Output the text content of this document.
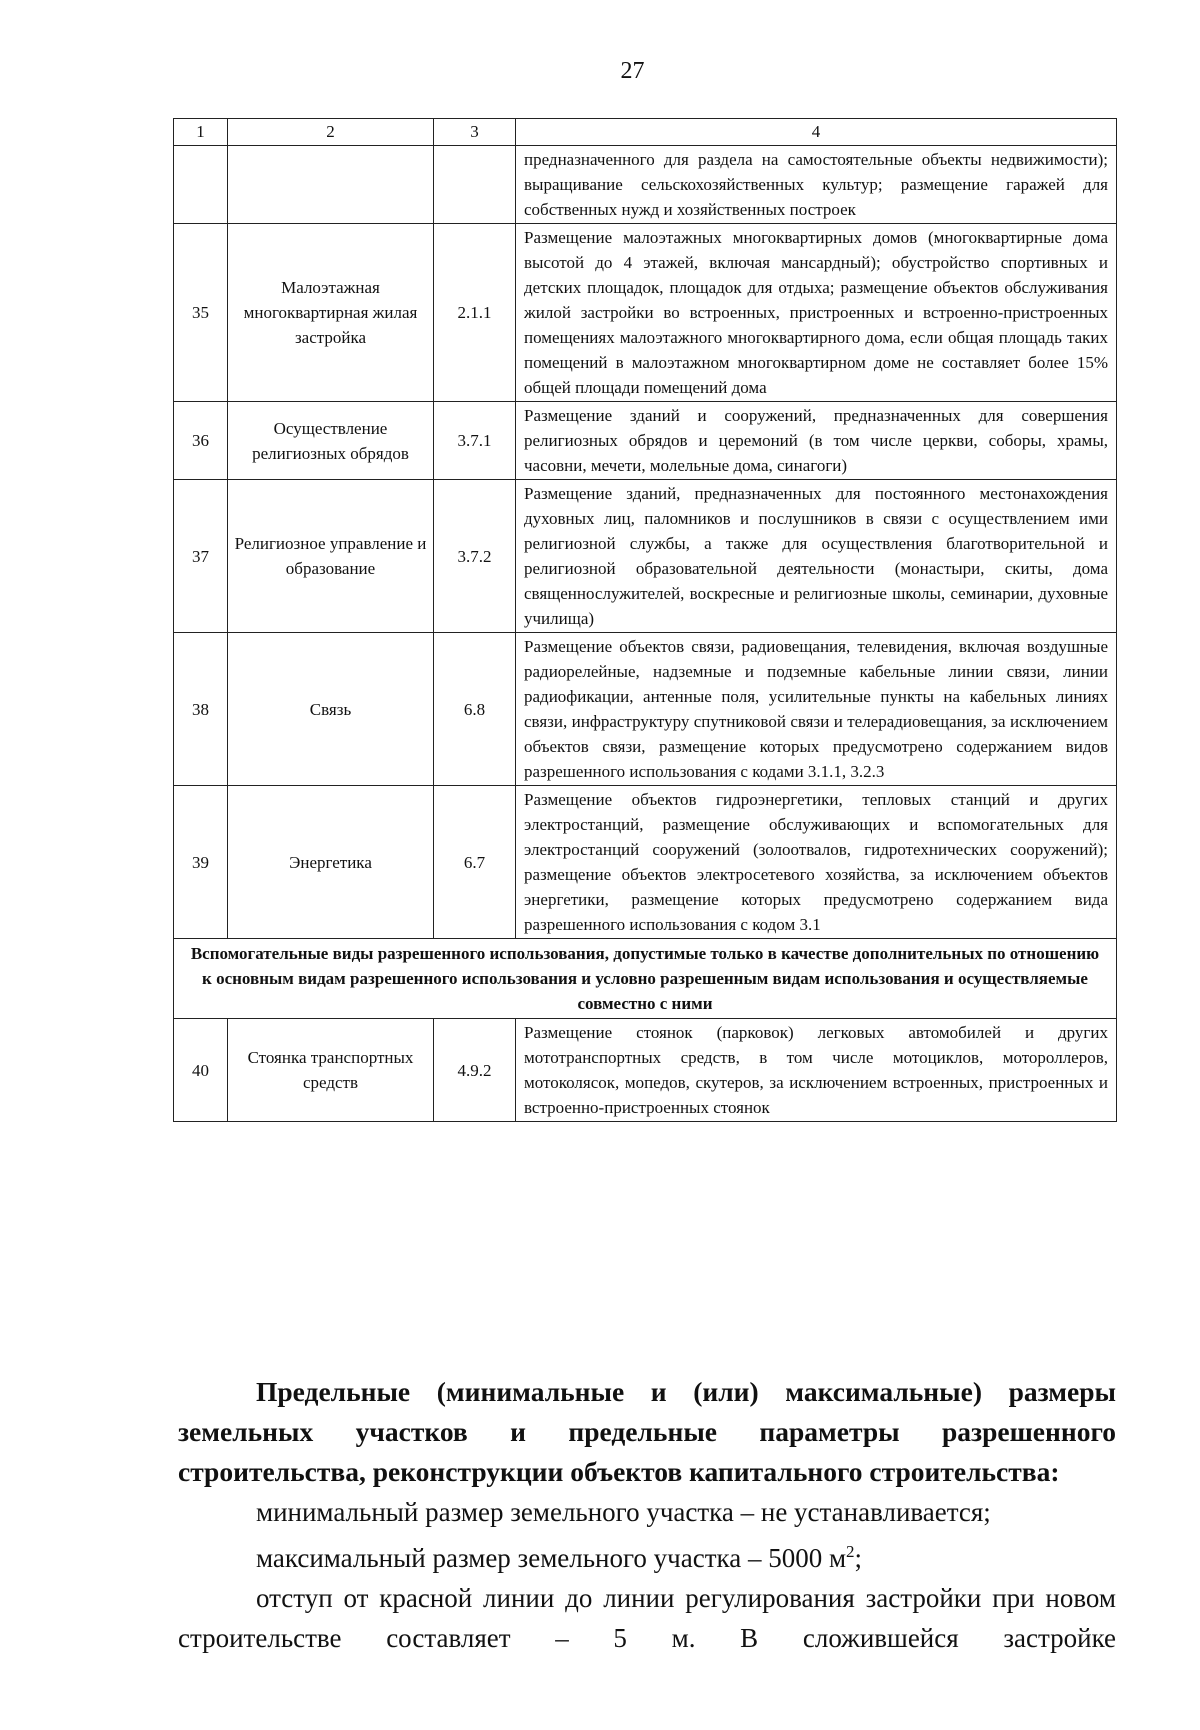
27
1	2	3	4
			предназначенного для раздела на самостоятельные объекты недвижимости); выращивание сельскохозяйственных культур; размещение гаражей для собственных нужд и хозяйственных построек
35	Малоэтажная многоквартирная жилая застройка	2.1.1	Размещение малоэтажных многоквартирных домов (многоквартирные дома высотой до 4 этажей, включая мансардный); обустройство спортивных и детских площадок, площадок для отдыха; размещение объектов обслуживания жилой застройки во встроенных, пристроенных и встроенно-пристроенных помещениях малоэтажного многоквартирного дома, если общая площадь таких помещений в малоэтажном многоквартирном доме не составляет более 15% общей площади помещений дома
36	Осуществление религиозных обрядов	3.7.1	Размещение зданий и сооружений, предназначенных для совершения религиозных обрядов и церемоний (в том числе церкви, соборы, храмы, часовни, мечети, молельные дома, синагоги)
37	Религиозное управление и образование	3.7.2	Размещение зданий, предназначенных для постоянного местонахождения духовных лиц, паломников и послушников в связи с осуществлением ими религиозной службы, а также для осуществления благотворительной и религиозной образовательной деятельности (монастыри, скиты, дома священнослужителей, воскресные и религиозные школы, семинарии, духовные училища)
38	Связь	6.8	Размещение объектов связи, радиовещания, телевидения, включая воздушные радиорелейные, надземные и подземные кабельные линии связи, линии радиофикации, антенные поля, усилительные пункты на кабельных линиях связи, инфраструктуру спутниковой связи и телерадиовещания, за исключением объектов связи, размещение которых предусмотрено содержанием видов разрешенного использования с кодами 3.1.1, 3.2.3
39	Энергетика	6.7	Размещение объектов гидроэнергетики, тепловых станций и других электростанций, размещение обслуживающих и вспомогательных для электростанций сооружений (золоотвалов, гидротехнических сооружений); размещение объектов электросетевого хозяйства, за исключением объектов энергетики, размещение которых предусмотрено содержанием вида разрешенного использования с кодом 3.1
Вспомогательные виды разрешенного использования, допустимые только в качестве дополнительных по отношению к основным видам разрешенного использования и условно разрешенным видам использования и осуществляемые совместно с ними			
40	Стоянка транспортных средств	4.9.2	Размещение стоянок (парковок) легковых автомобилей и других мототранспортных средств, в том числе мотоциклов, мотороллеров, мотоколясок, мопедов, скутеров, за исключением встроенных, пристроенных и встроенно-пристроенных стоянок
Предельные (минимальные и (или) максимальные) размеры земельных участков и предельные параметры разрешенного строительства, реконструкции объектов капитального строительства:

минимальный размер земельного участка – не устанавливается;

максимальный размер земельного участка – 5000 $м^2$;

отступ от красной линии до линии регулирования застройки при новом строительстве составляет – 5 м. В сложившейся застройке
